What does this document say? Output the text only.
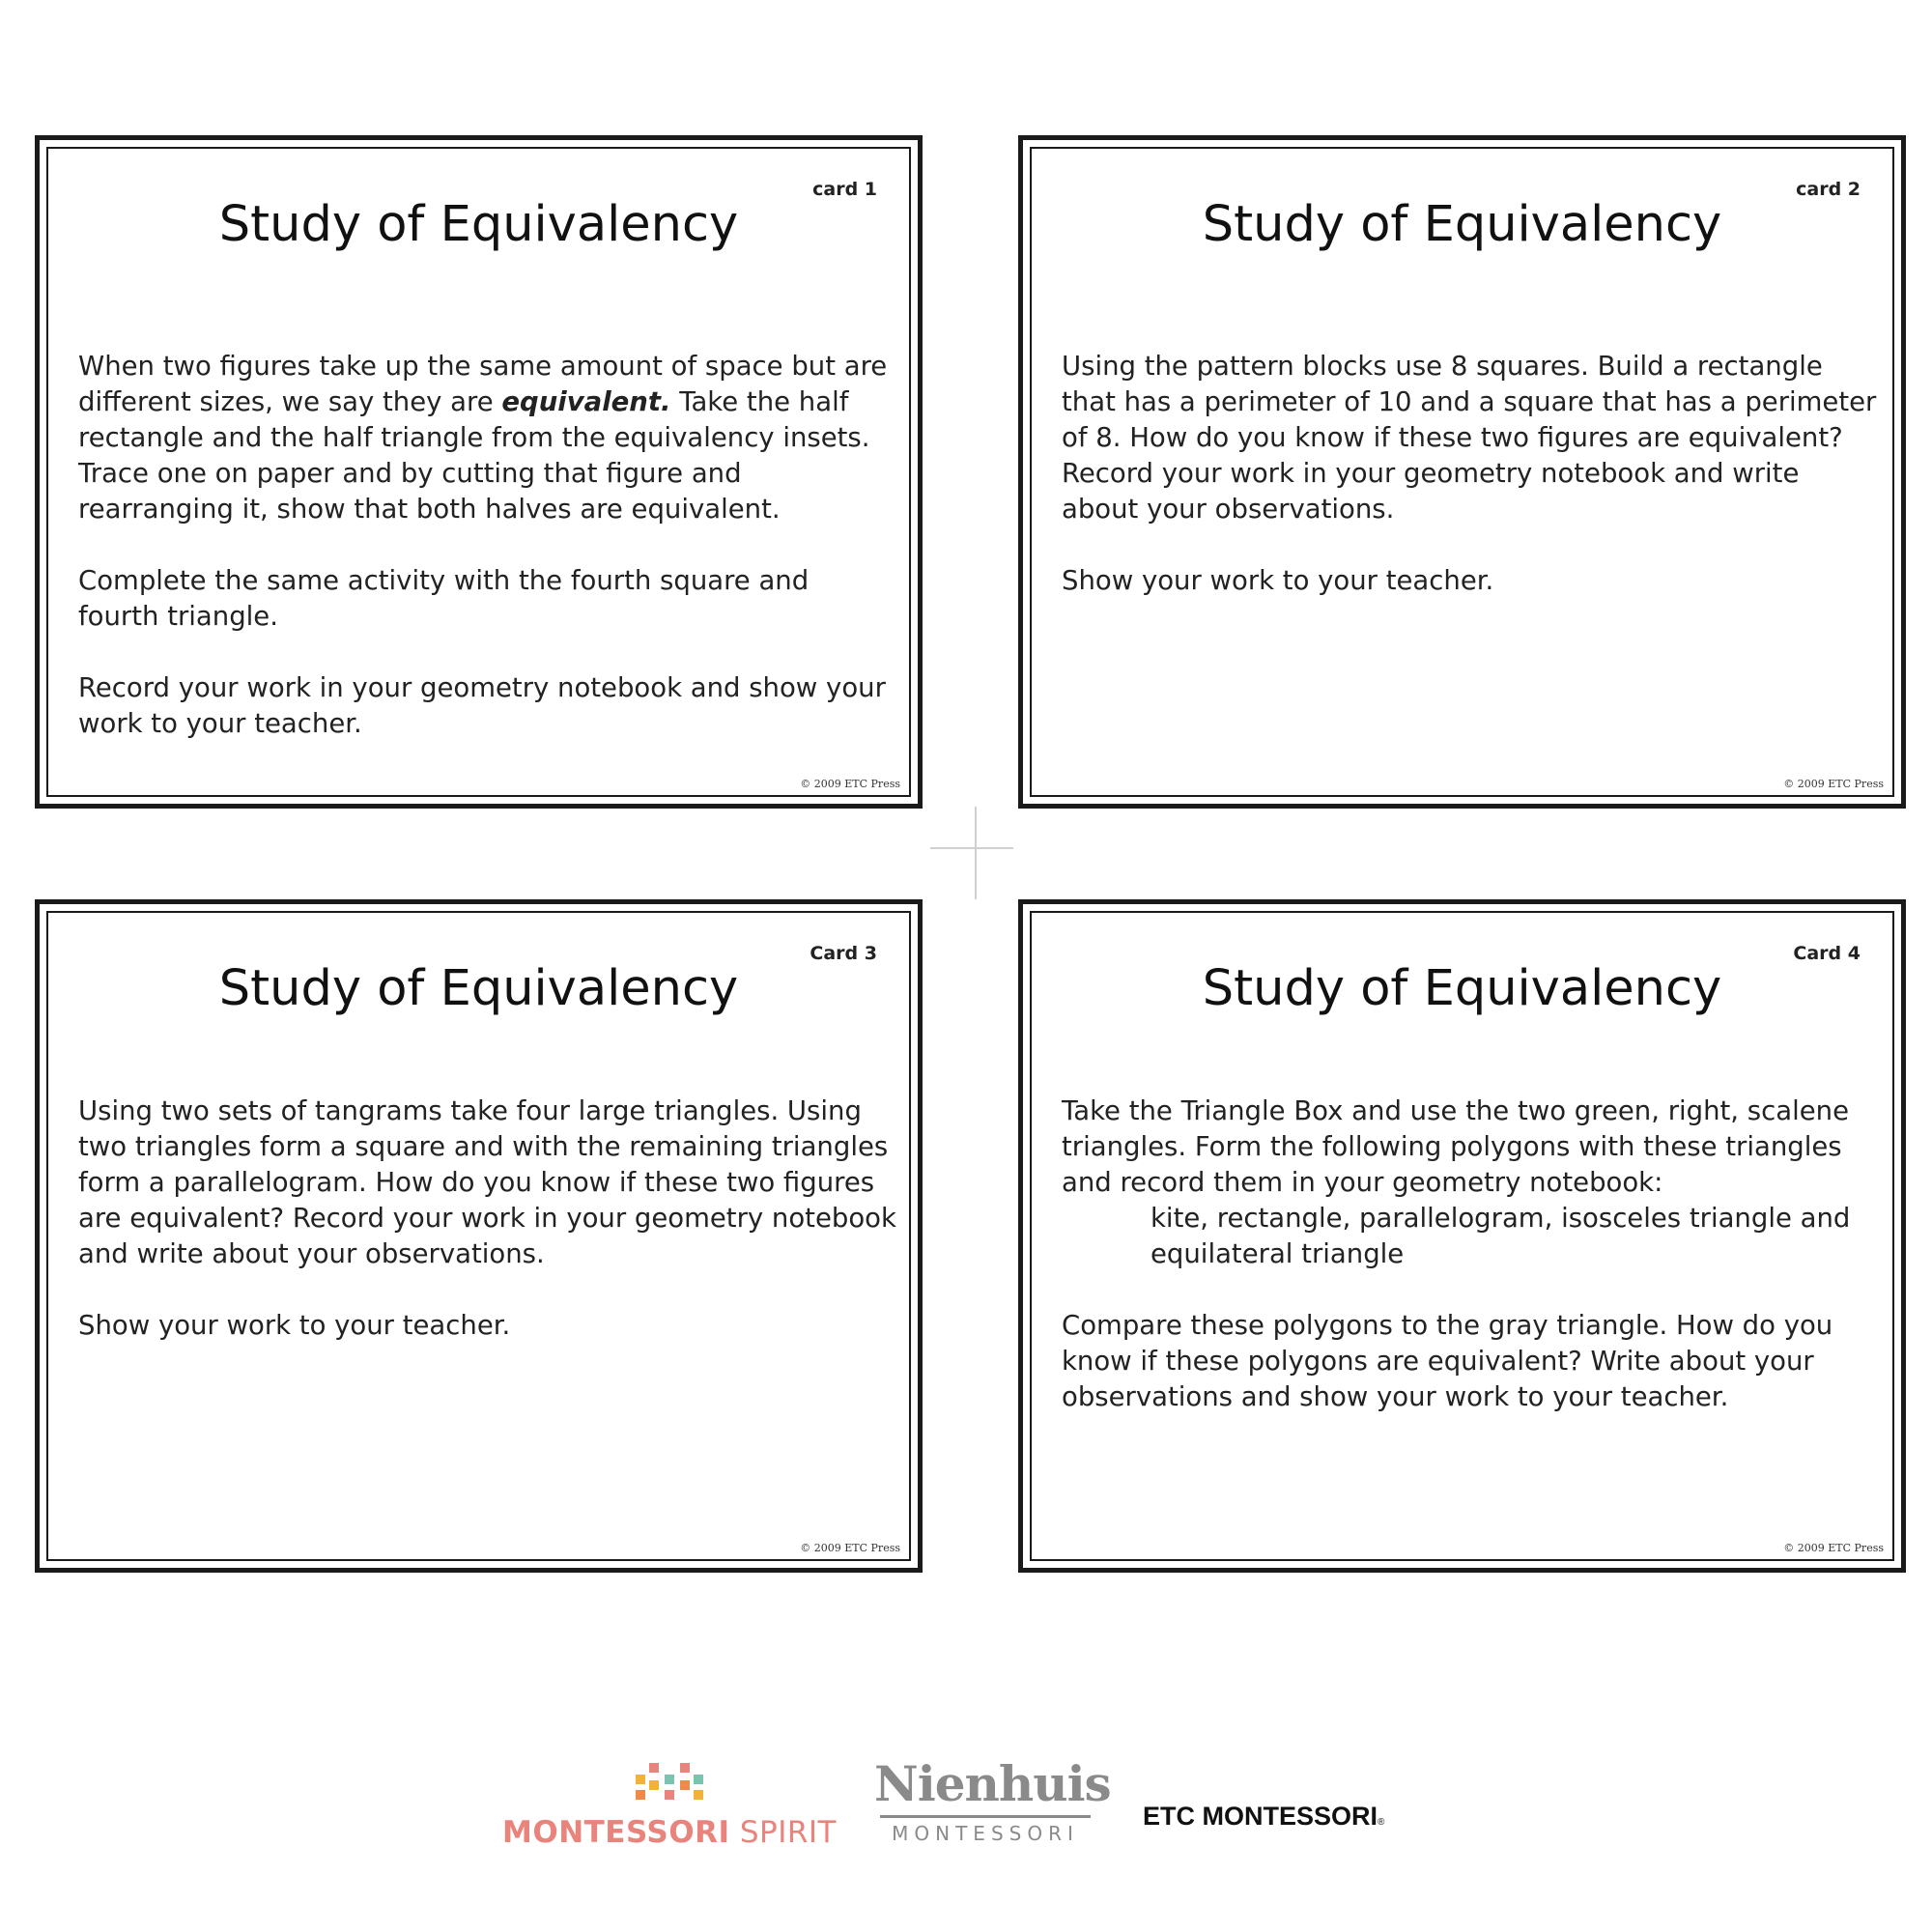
card 1
Study of Equivalency

When two figures take up the same amount of space but are different sizes, we say they are equivalent. Take the half rectangle and the half triangle from the equivalency insets. Trace one on paper and by cutting that figure and rearranging it, show that both halves are equivalent.

Complete the same activity with the fourth square and fourth triangle.

Record your work in your geometry notebook and show your work to your teacher.

© 2009 ETC Press
card 2
Study of Equivalency

Using the pattern blocks use 8 squares. Build a rectangle that has a perimeter of 10 and a square that has a perimeter of 8. How do you know if these two figures are equivalent? Record your work in your geometry notebook and write about your observations.

Show your work to your teacher.

© 2009 ETC Press
Card 3
Study of Equivalency

Using two sets of tangrams take four large triangles. Using two triangles form a square and with the remaining triangles form a parallelogram. How do you know if these two figures are equivalent? Record your work in your geometry notebook and write about your observations.

Show your work to your teacher.

© 2009 ETC Press
Card 4
Study of Equivalency

Take the Triangle Box and use the two green, right, scalene triangles. Form the following polygons with these triangles and record them in your geometry notebook:
kite, rectangle, parallelogram, isosceles triangle and equilateral triangle

Compare these polygons to the gray triangle. How do you know if these polygons are equivalent? Write about your observations and show your work to your teacher.

© 2009 ETC Press
MONTESSORI SPIRIT
Nienhuis
MONTESSORI
ETC MONTESSORI®
